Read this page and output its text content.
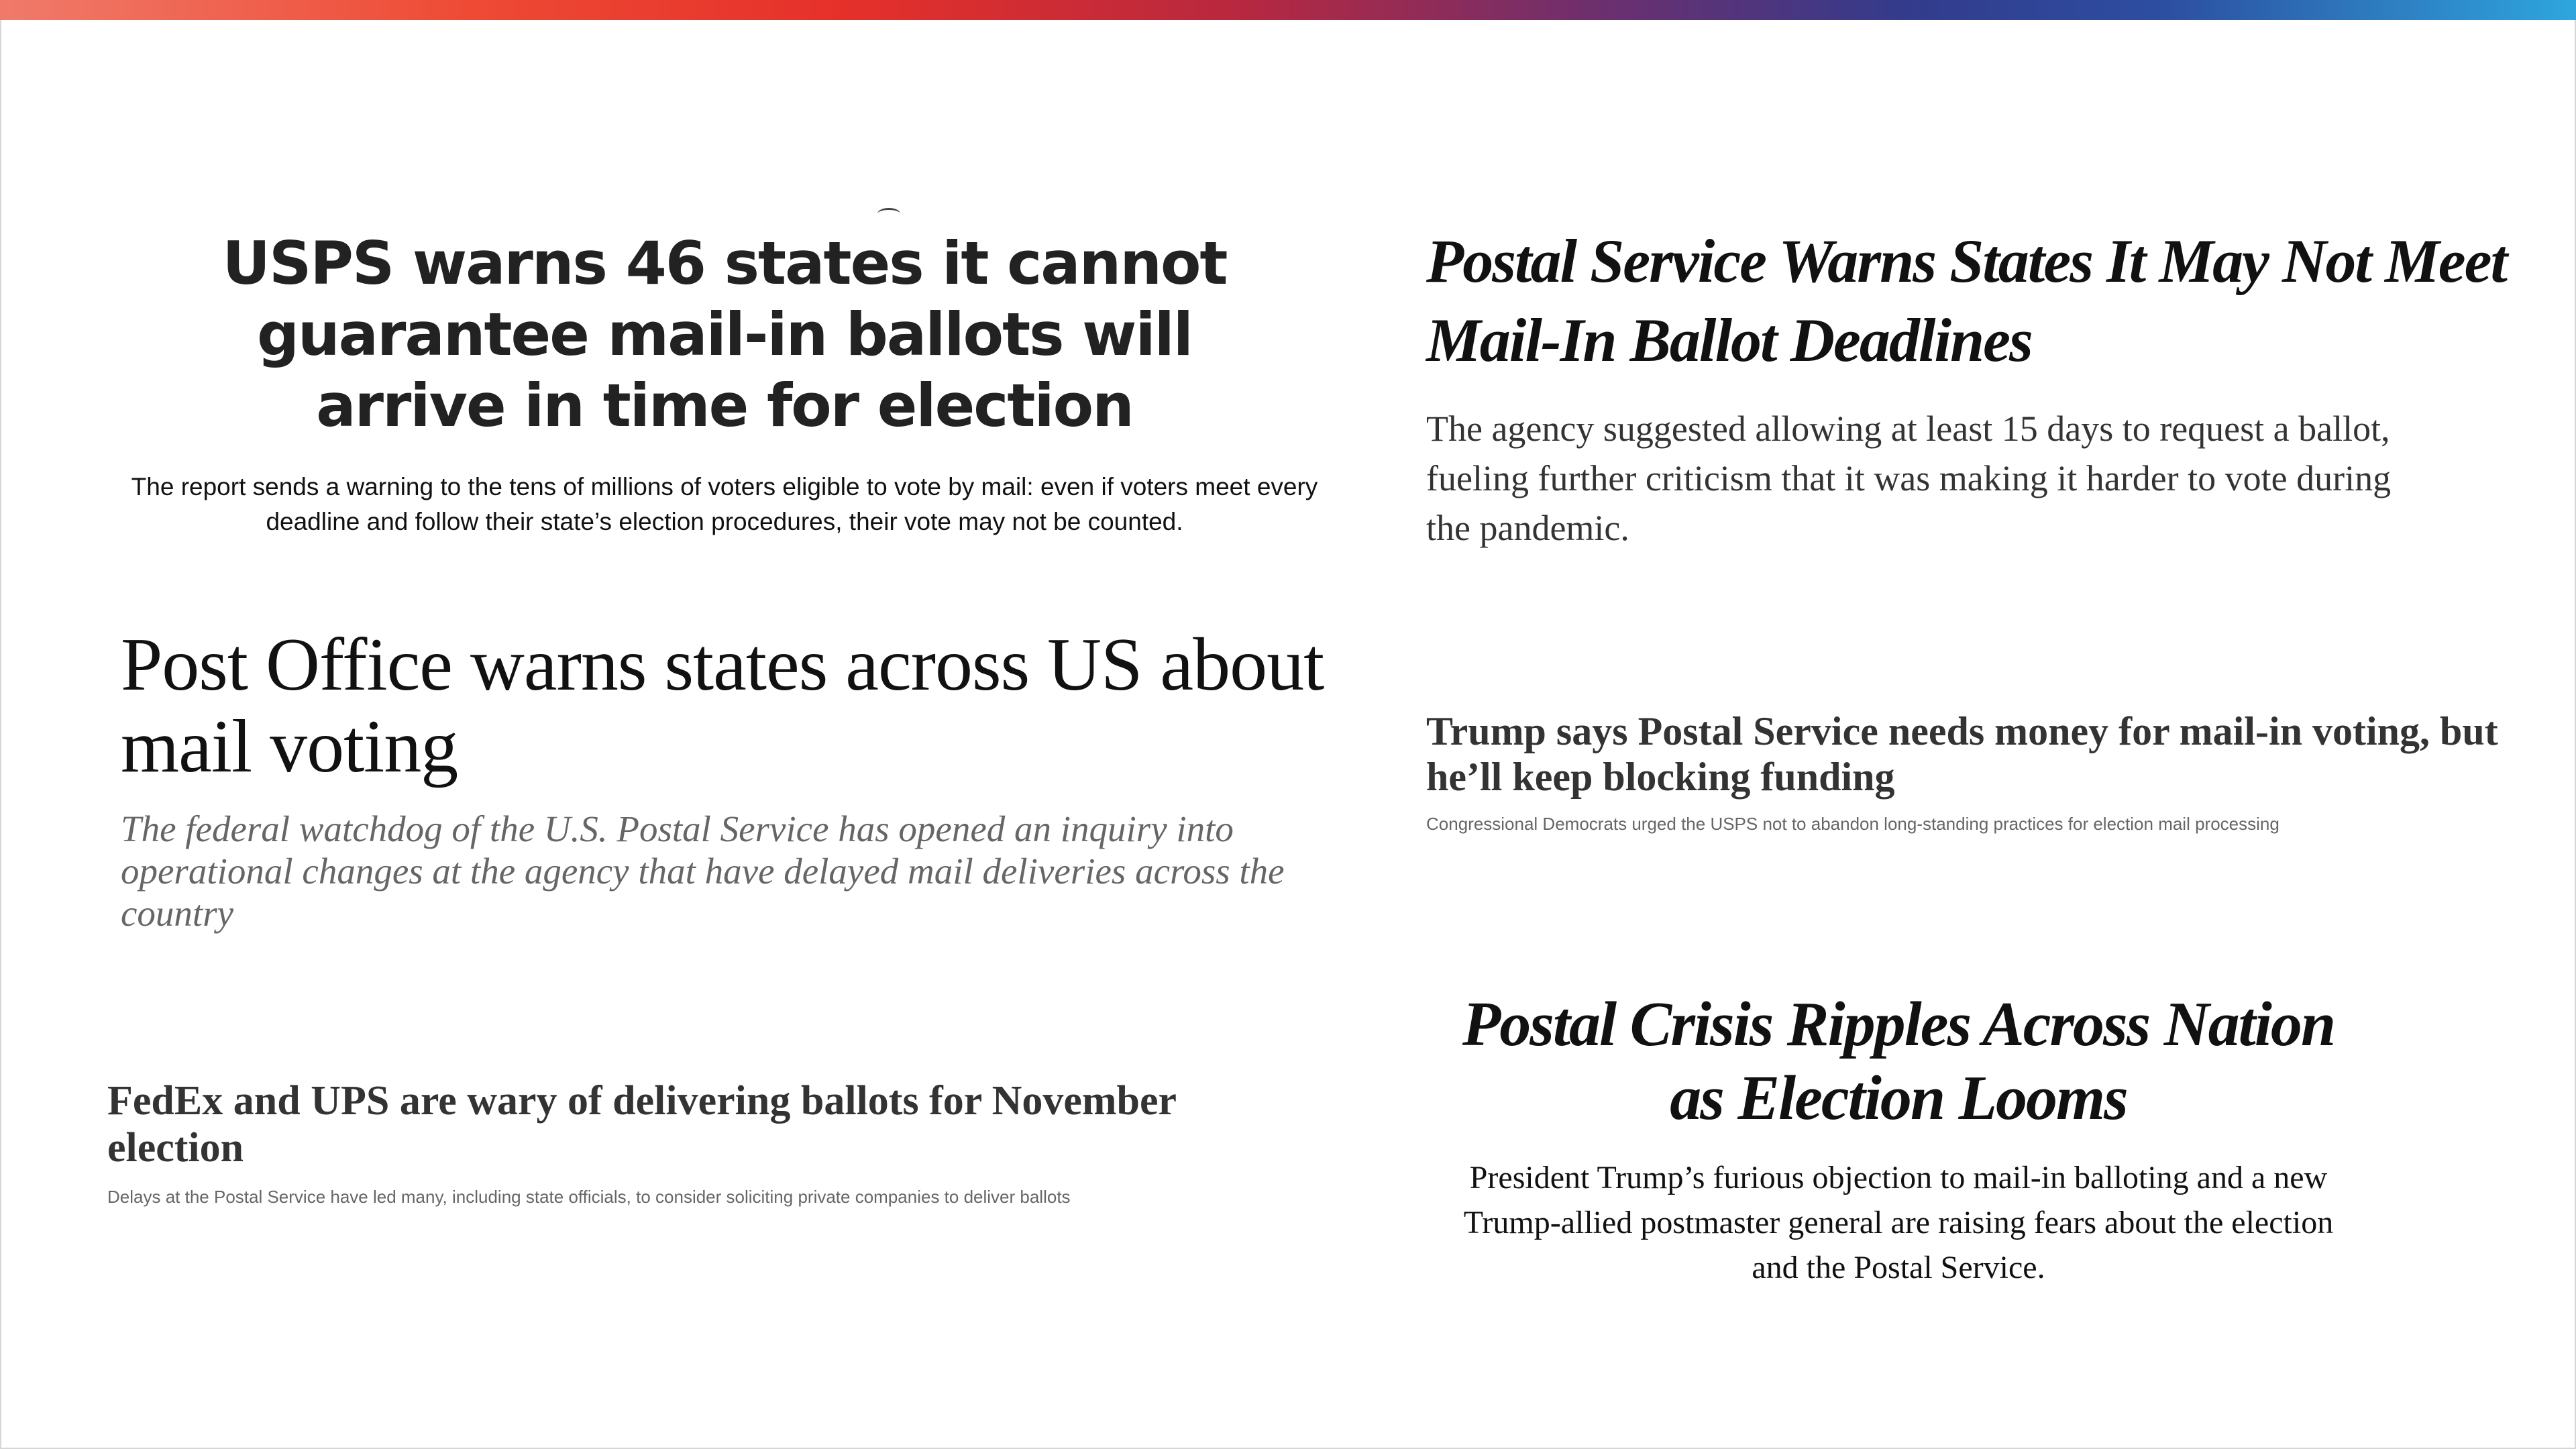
USPS warns 46 states it cannot guarantee mail-in ballots will arrive in time for election

The report sends a warning to the tens of millions of voters eligible to vote by mail: even if voters meet every deadline and follow their state’s election procedures, their vote may not be counted.

Post Office warns states across US about mail voting

The federal watchdog of the U.S. Postal Service has opened an inquiry into operational changes at the agency that have delayed mail deliveries across the country

FedEx and UPS are wary of delivering ballots for November election

Delays at the Postal Service have led many, including state officials, to consider soliciting private companies to deliver ballots

Postal Service Warns States It May Not Meet Mail-In Ballot Deadlines

The agency suggested allowing at least 15 days to request a ballot, fueling further criticism that it was making it harder to vote during the pandemic.

Trump says Postal Service needs money for mail-in voting, but he’ll keep blocking funding

Congressional Democrats urged the USPS not to abandon long-standing practices for election mail processing

Postal Crisis Ripples Across Nation as Election Looms

President Trump’s furious objection to mail-in balloting and a new Trump-allied postmaster general are raising fears about the election and the Postal Service.
